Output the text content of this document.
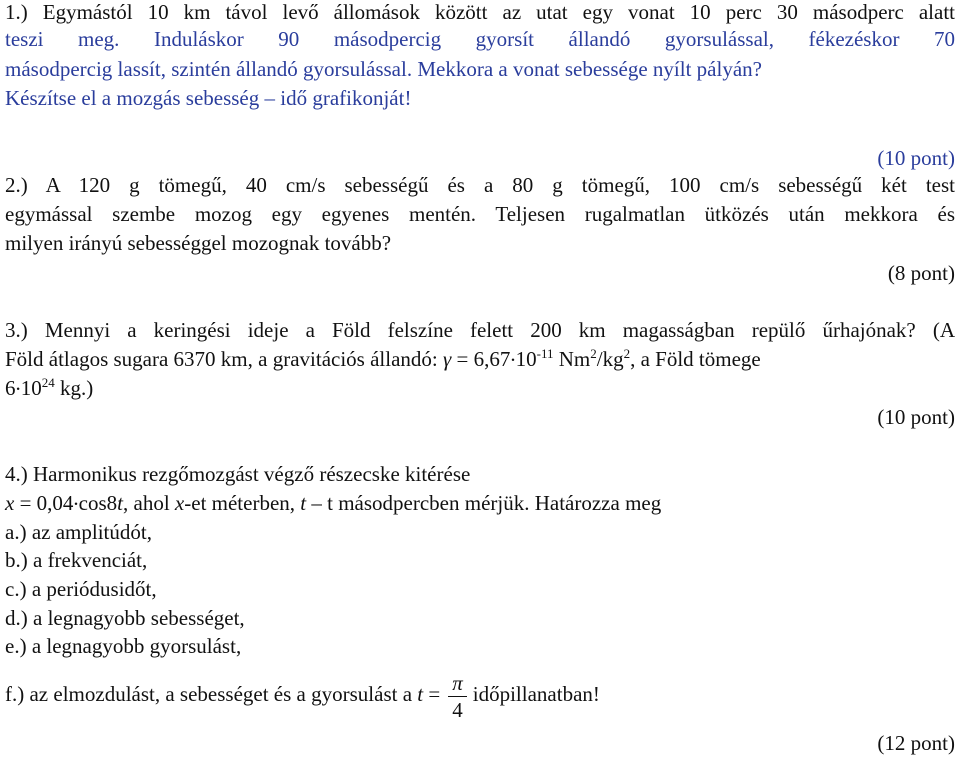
1.) Egymástól 10 km távol levő állomások között az utat egy vonat 10 perc 30 másodperc alatt
teszi meg. Induláskor 90 másodpercig gyorsít állandó gyorsulással, fékezéskor 70
másodpercig lassít, szintén állandó gyorsulással. Mekkora a vonat sebessége nyílt pályán?
Készítse el a mozgás sebesség – idő grafikonját!
(10 pont)
2.) A 120 g tömegű, 40 cm/s sebességű és a 80 g tömegű, 100 cm/s sebességű két test
egymással szembe mozog egy egyenes mentén. Teljesen rugalmatlan ütközés után mekkora és
milyen irányú sebességgel mozognak tovább?
(8 pont)
3.) Mennyi a keringési ideje a Föld felszíne felett 200 km magasságban repülő űrhajónak? (A
Föld átlagos sugara 6370 km, a gravitációs állandó: $\gamma = 6,67.10^{-11}$ $Nm^2/kg^2$, a Föld tömege
6.10$^{24}$ kg.)
(10 pont)
4.) Harmonikus rezgőmozgást végző részecske kitérése
x = 0,04.cos8t, ahol x-et méterben, t – t másodpercben mérjük. Határozza meg
a.) az amplitúdót,
b.) a frekvenciát,
c.) a periódusidőt,
d.) a legnagyobb sebességet,
e.) a legnagyobb gyorsulást,
f.) az elmozdulást, a sebességet és a gyorsulást a $t = \frac{\pi}{4}$ időpillanatban!
(12 pont)
